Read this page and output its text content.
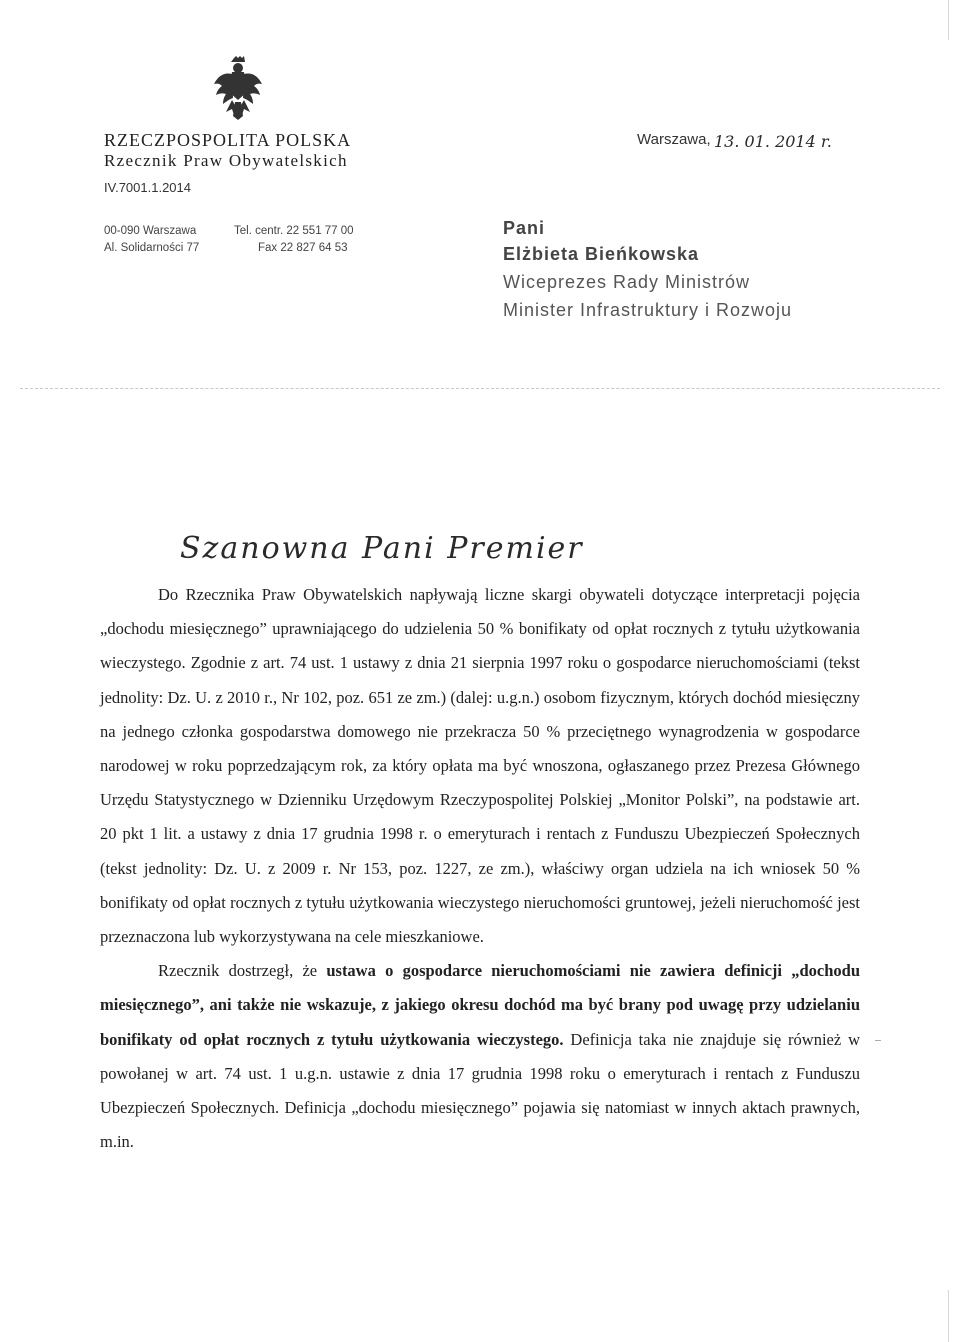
RZECZPOSPOLITA POLSKA
Rzecznik Praw Obywatelskich
IV.7001.1.2014
00-090 Warszawa
Al. Solidarności 77
Tel. centr. 22 551 77 00
Fax 22 827 64 53
Warszawa, 13. 01. 2014 r.
Pani
Elżbieta Bieńkowska
Wiceprezes Rady Ministrów
Minister Infrastruktury i Rozwoju
Szanowna Pani Premier

Do Rzecznika Praw Obywatelskich napływają liczne skargi obywateli dotyczące interpretacji pojęcia „dochodu miesięcznego” uprawniającego do udzielenia 50 % bonifikaty od opłat rocznych z tytułu użytkowania wieczystego. Zgodnie z art. 74 ust. 1 ustawy z dnia 21 sierpnia 1997 roku o gospodarce nieruchomościami (tekst jednolity: Dz. U. z 2010 r., Nr 102, poz. 651 ze zm.) (dalej: u.g.n.) osobom fizycznym, których dochód miesięczny na jednego członka gospodarstwa domowego nie przekracza 50 % przeciętnego wynagrodzenia w gospodarce narodowej w roku poprzedzającym rok, za który opłata ma być wnoszona, ogłaszanego przez Prezesa Głównego Urzędu Statystycznego w Dzienniku Urzędowym Rzeczypospolitej Polskiej „Monitor Polski”, na podstawie art. 20 pkt 1 lit. a ustawy z dnia 17 grudnia 1998 r. o emeryturach i rentach z Funduszu Ubezpieczeń Społecznych (tekst jednolity: Dz. U. z 2009 r. Nr 153, poz. 1227, ze zm.), właściwy organ udziela na ich wniosek 50 % bonifikaty od opłat rocznych z tytułu użytkowania wieczystego nieruchomości gruntowej, jeżeli nieruchomość jest przeznaczona lub wykorzystywana na cele mieszkaniowe.

Rzecznik dostrzegł, że ustawa o gospodarce nieruchomościami nie zawiera definicji „dochodu miesięcznego”, ani także nie wskazuje, z jakiego okresu dochód ma być brany pod uwagę przy udzielaniu bonifikaty od opłat rocznych z tytułu użytkowania wieczystego. Definicja taka nie znajduje się również w powołanej w art. 74 ust. 1 u.g.n. ustawie z dnia 17 grudnia 1998 roku o emeryturach i rentach z Funduszu Ubezpieczeń Społecznych. Definicja „dochodu miesięcznego” pojawia się natomiast w innych aktach prawnych, m.in.
